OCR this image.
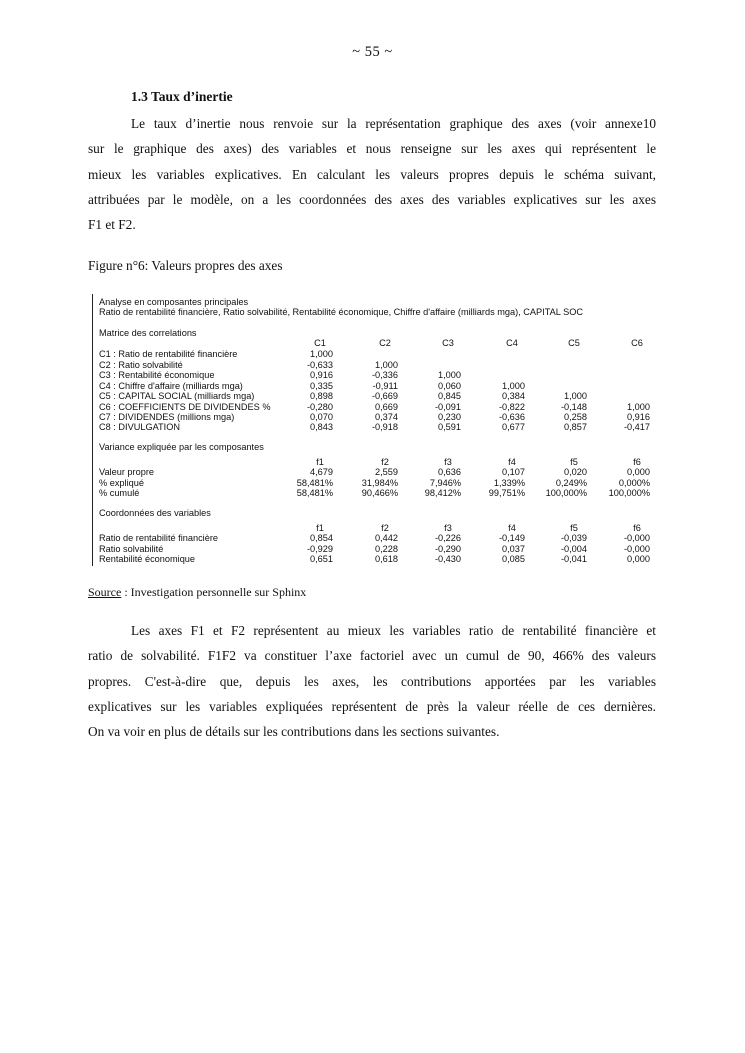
~ 55 ~
1.3 Taux d’inertie
Le taux d’inertie nous renvoie sur la représentation graphique des axes (voir annexe10
sur le graphique des axes) des variables et nous renseigne sur les axes qui représentent le
mieux les variables explicatives. En calculant les valeurs propres depuis le schéma suivant,
attribuées par le modèle, on a les coordonnées des axes des variables explicatives sur les axes
F1 et F2.
Figure n°6: Valeurs propres des axes
Analyse en composantes principales
Ratio de rentabilité financière, Ratio solvabilité, Rentabilité économique, Chiffre d'affaire (milliards mga), CAPITAL SOC
Matrice des correlations
C1	C2	C3	C4	C5	C6
C1 : Ratio de rentabilité financière	1,000
C2 : Ratio solvabilité	-0,633	1,000
C3 : Rentabilité économique	0,916	-0,336	1,000
C4 : Chiffre d'affaire (milliards mga)	0,335	-0,911	0,060	1,000
C5 : CAPITAL SOCIAL (milliards mga)	0,898	-0,669	0,845	0,384	1,000
C6 : COEFFICIENTS DE DIVIDENDES %	-0,280	0,669	-0,091	-0,822	-0,148	1,000
C7 : DIVIDENDES (millions mga)	0,070	0,374	0,230	-0,636	0,258	0,916
C8 : DIVULGATION	0,843	-0,918	0,591	0,677	0,857	-0,417
Variance expliquée par les composantes
f1	f2	f3	f4	f5	f6
Valeur propre	4,679	2,559	0,636	0,107	0,020	0,000
% expliqué	58,481%	31,984%	7,946%	1,339%	0,249%	0,000%
% cumulé	58,481%	90,466%	98,412%	99,751%	100,000%	100,000%
Coordonnées des variables
f1	f2	f3	f4	f5	f6
Ratio de rentabilité financière	0,854	0,442	-0,226	-0,149	-0,039	-0,000
Ratio solvabilité	-0,929	0,228	-0,290	0,037	-0,004	-0,000
Rentabilité économique	0,651	0,618	-0,430	0,085	-0,041	0,000
Source : Investigation personnelle sur Sphinx
Les axes F1 et F2 représentent au mieux les variables ratio de rentabilité financière et
ratio de solvabilité. F1F2 va constituer l’axe factoriel avec un cumul de 90, 466% des valeurs
propres. C'est-à-dire que, depuis les axes, les contributions apportées par les variables
explicatives sur les variables expliquées représentent de près la valeur réelle de ces dernières.
On va voir en plus de détails sur les contributions dans les sections suivantes.
